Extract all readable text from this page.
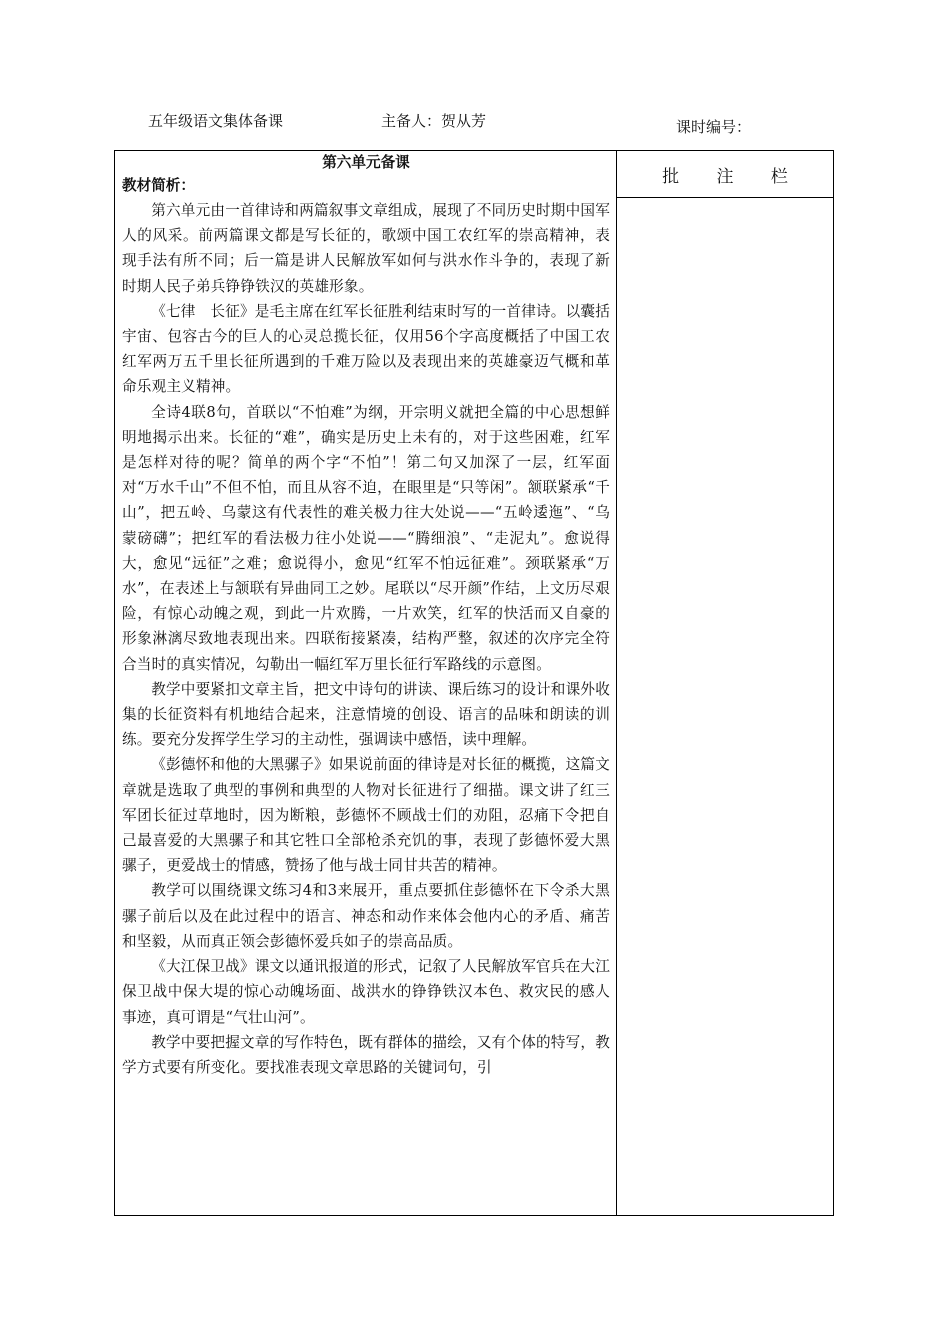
五年级语文集体备课	主备人：贺从芳	课时编号：
批 注 栏

第六单元备课

教材简析：

第六单元由一首律诗和两篇叙事文章组成，展现了不同历史时期中国军人的风采。前两篇课文都是写长征的，歌颂中国工农红军的崇高精神，表现手法有所不同；后一篇是讲人民解放军如何与洪水作斗争的，表现了新时期人民子弟兵铮铮铁汉的英雄形象。

《七律　长征》是毛主席在红军长征胜利结束时写的一首律诗。以囊括宇宙、包容古今的巨人的心灵总揽长征，仅用56个字高度概括了中国工农红军两万五千里长征所遇到的千难万险以及表现出来的英雄豪迈气概和革命乐观主义精神。

全诗4联8句，首联以“不怕难”为纲，开宗明义就把全篇的中心思想鲜明地揭示出来。长征的“难”，确实是历史上未有的，对于这些困难，红军是怎样对待的呢？简单的两个字“不怕”！第二句又加深了一层，红军面对“万水千山”不但不怕，而且从容不迫，在眼里是“只等闲”。颔联紧承“千山”，把五岭、乌蒙这有代表性的难关极力往大处说——“五岭逶迤”、“乌蒙磅礴”；把红军的看法极力往小处说——“腾细浪”、“走泥丸”。愈说得大，愈见“远征”之难；愈说得小，愈见“红军不怕远征难”。颈联紧承“万水”，在表述上与颔联有异曲同工之妙。尾联以“尽开颜”作结，上文历尽艰险，有惊心动魄之观，到此一片欢腾，一片欢笑，红军的快活而又自豪的形象淋漓尽致地表现出来。四联衔接紧凑，结构严整，叙述的次序完全符合当时的真实情况，勾勒出一幅红军万里长征行军路线的示意图。

教学中要紧扣文章主旨，把文中诗句的讲读、课后练习的设计和课外收集的长征资料有机地结合起来，注意情境的创设、语言的品味和朗读的训练。要充分发挥学生学习的主动性，强调读中感悟，读中理解。

《彭德怀和他的大黑骡子》如果说前面的律诗是对长征的概揽，这篇文章就是选取了典型的事例和典型的人物对长征进行了细描。课文讲了红三军团长征过草地时，因为断粮，彭德怀不顾战士们的劝阻，忍痛下令把自己最喜爱的大黑骡子和其它牲口全部枪杀充饥的事，表现了彭德怀爱大黑骡子，更爱战士的情感，赞扬了他与战士同甘共苦的精神。

教学可以围绕课文练习4和3来展开，重点要抓住彭德怀在下令杀大黑骡子前后以及在此过程中的语言、神态和动作来体会他内心的矛盾、痛苦和坚毅，从而真正领会彭德怀爱兵如子的崇高品质。

《大江保卫战》课文以通讯报道的形式，记叙了人民解放军官兵在大江保卫战中保大堤的惊心动魄场面、战洪水的铮铮铁汉本色、救灾民的感人事迹，真可谓是“气壮山河”。

教学中要把握文章的写作特色，既有群体的描绘，又有个体的特写，教学方式要有所变化。要找准表现文章思路的关键词句，引
